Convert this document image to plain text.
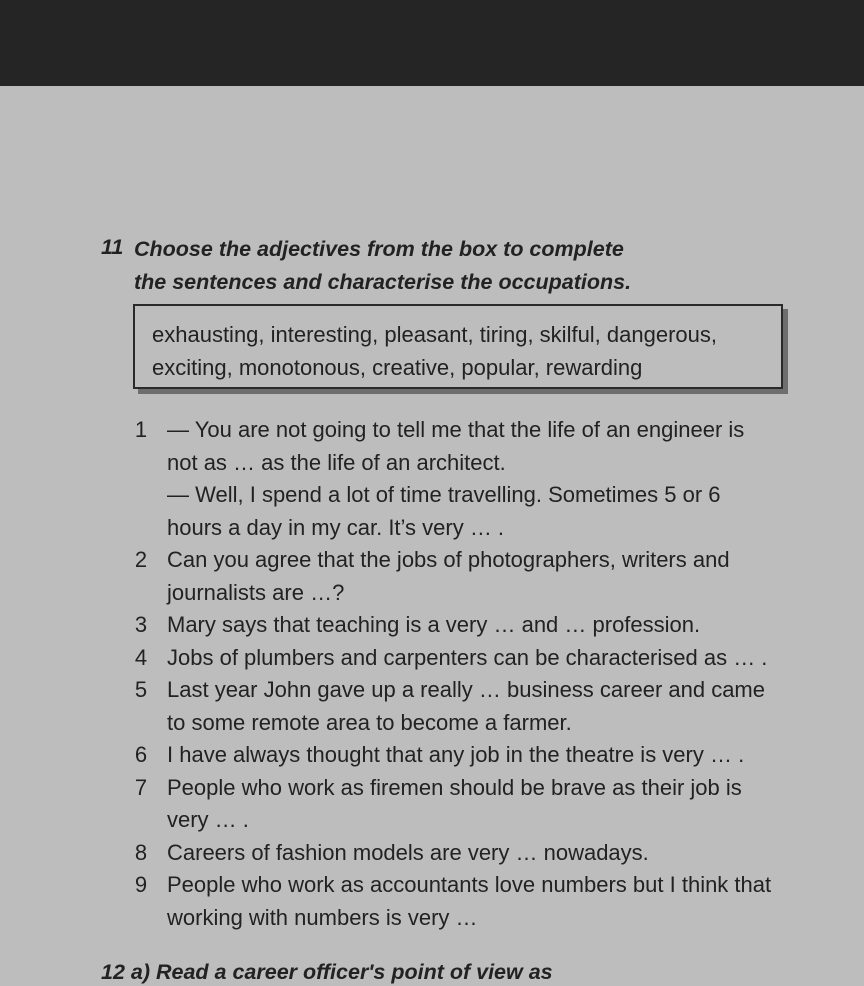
11 Choose the adjectives from the box to complete
the sentences and characterise the occupations.
exhausting, interesting, pleasant, tiring, skilful, dangerous,
exciting, monotonous, creative, popular, rewarding
1 — You are not going to tell me that the life of an engineer is
not as … as the life of an architect.
— Well, I spend a lot of time travelling. Sometimes 5 or 6
hours a day in my car. It’s very … .
2 Can you agree that the jobs of photographers, writers and
journalists are …?
3 Mary says that teaching is a very … and … profession.
4 Jobs of plumbers and carpenters can be characterised as … .
5 Last year John gave up a really … business career and came
to some remote area to become a farmer.
6 I have always thought that any job in the theatre is very … .
7 People who work as firemen should be brave as their job is
very … .
8 Careers of fashion models are very … nowadays.
9 People who work as accountants love numbers but I think that
working with numbers is very …
12 a) Read a career officer's point of view as
